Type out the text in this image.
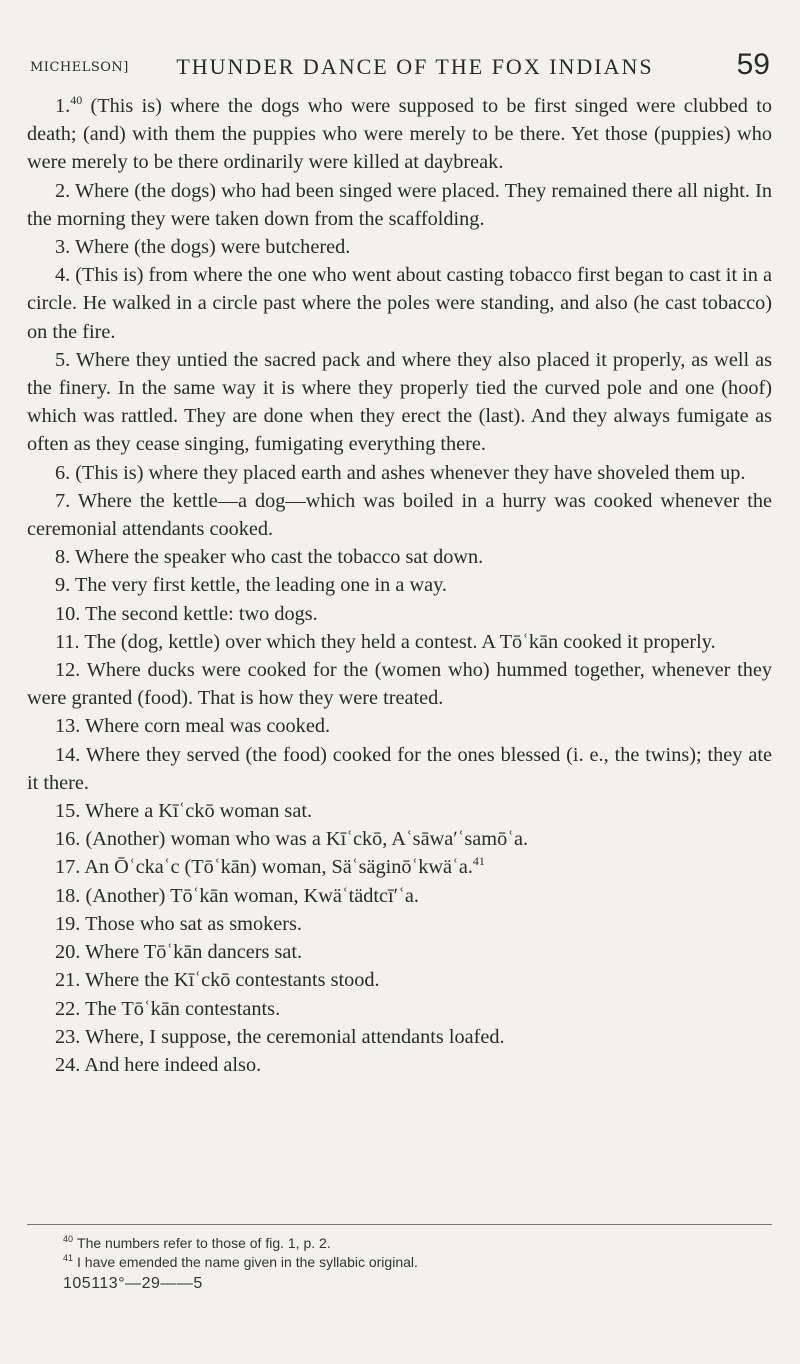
MICHELSON]	THUNDER DANCE OF THE FOX INDIANS	59

1.40 (This is) where the dogs who were supposed to be first singed were clubbed to death; (and) with them the puppies who were merely to be there. Yet those (puppies) who were merely to be there ordinarily were killed at daybreak.

2. Where (the dogs) who had been singed were placed. They remained there all night. In the morning they were taken down from the scaffolding.

3. Where (the dogs) were butchered.

4. (This is) from where the one who went about casting tobacco first began to cast it in a circle. He walked in a circle past where the poles were standing, and also (he cast tobacco) on the fire.

5. Where they untied the sacred pack and where they also placed it properly, as well as the finery. In the same way it is where they properly tied the curved pole and one (hoof) which was rattled. They are done when they erect the (last). And they always fumigate as often as they cease singing, fumigating everything there.

6. (This is) where they placed earth and ashes whenever they have shoveled them up.

7. Where the kettle—a dog—which was boiled in a hurry was cooked whenever the ceremonial attendants cooked.

8. Where the speaker who cast the tobacco sat down.

9. The very first kettle, the leading one in a way.

10. The second kettle: two dogs.

11. The (dog, kettle) over which they held a contest. A Tōʿkān cooked it properly.

12. Where ducks were cooked for the (women who) hummed together, whenever they were granted (food). That is how they were treated.

13. Where corn meal was cooked.

14. Where they served (the food) cooked for the ones blessed (i. e., the twins); they ate it there.

15. Where a Kīʿckō woman sat.

16. (Another) woman who was a Kīʿckō, Aʿsāwaʹʿsamōʿa.

17. An Ōʿckaʿc (Tōʿkān) woman, Säʿsäginōʿkwäʿa.$^{41}$

18. (Another) Tōʿkān woman, Kwäʿtädtcīʹʿa.

19. Those who sat as smokers.

20. Where Tōʿkān dancers sat.

21. Where the Kīʿckō contestants stood.

22. The Tōʿkān contestants.

23. Where, I suppose, the ceremonial attendants loafed.

24. And here indeed also.

$^{40}$ The numbers refer to those of fig. 1, p. 2.

$^{41}$ I have emended the name given in the syllabic original.

105113°—29——5
